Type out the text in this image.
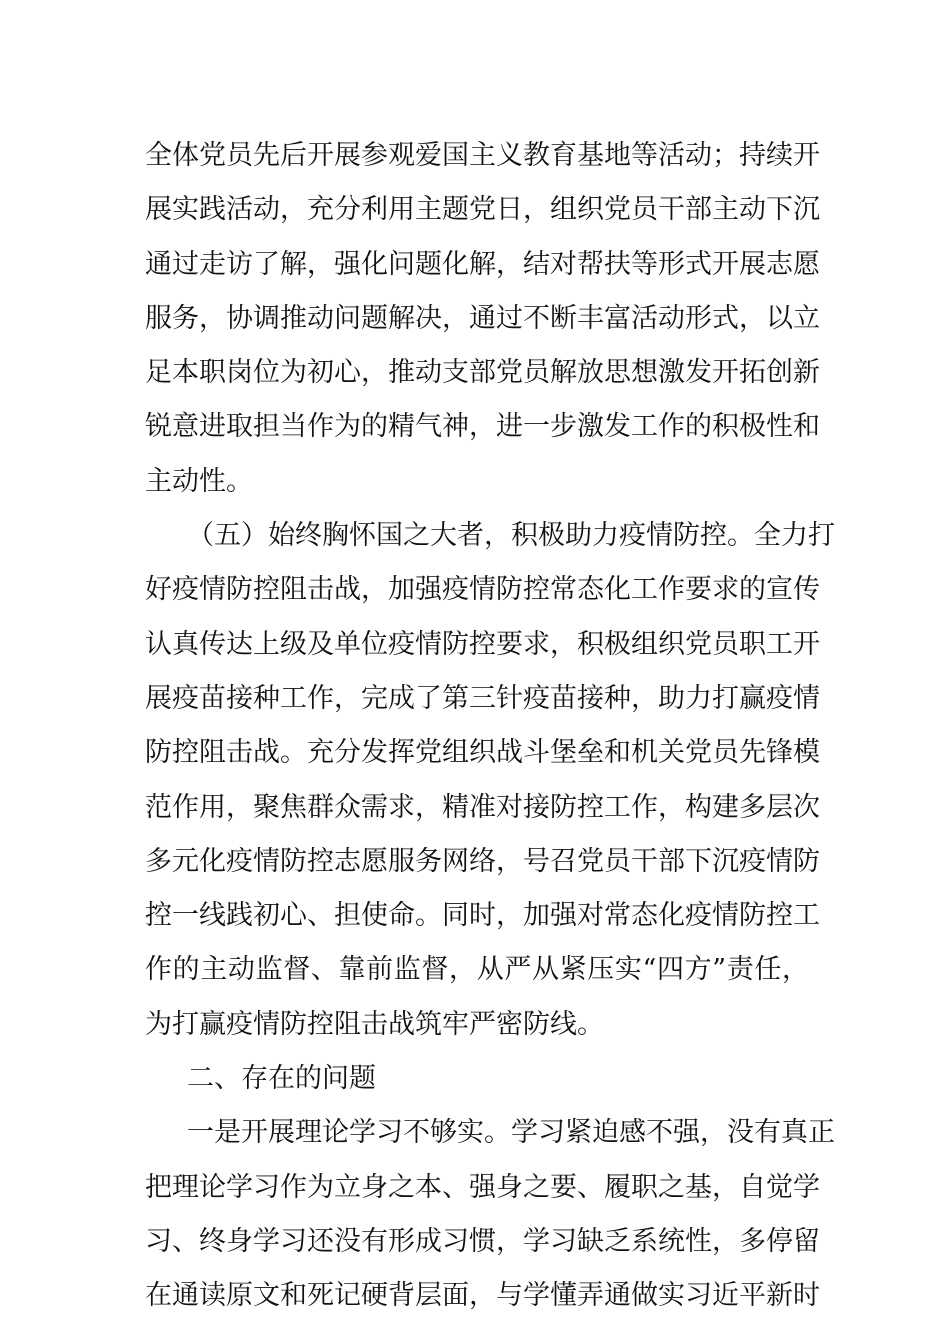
全体党员先后开展参观爱国主义教育基地等活动；持续开
展实践活动，充分利用主题党日，组织党员干部主动下沉
通过走访了解，强化问题化解，结对帮扶等形式开展志愿
服务，协调推动问题解决，通过不断丰富活动形式，以立
足本职岗位为初心，推动支部党员解放思想激发开拓创新
锐意进取担当作为的精气神，进一步激发工作的积极性和
主动性。
（五）始终胸怀国之大者，积极助力疫情防控。全力打
好疫情防控阻击战，加强疫情防控常态化工作要求的宣传
认真传达上级及单位疫情防控要求，积极组织党员职工开
展疫苗接种工作，完成了第三针疫苗接种，助力打赢疫情
防控阻击战。充分发挥党组织战斗堡垒和机关党员先锋模
范作用，聚焦群众需求，精准对接防控工作，构建多层次
多元化疫情防控志愿服务网络，号召党员干部下沉疫情防
控一线践初心、担使命。同时，加强对常态化疫情防控工
作的主动监督、靠前监督，从严从紧压实“四方”责任，
为打赢疫情防控阻击战筑牢严密防线。
二、存在的问题
一是开展理论学习不够实。学习紧迫感不强，没有真正
把理论学习作为立身之本、强身之要、履职之基，自觉学
习、终身学习还没有形成习惯，学习缺乏系统性，多停留
在通读原文和死记硬背层面，与学懂弄通做实习近平新时
